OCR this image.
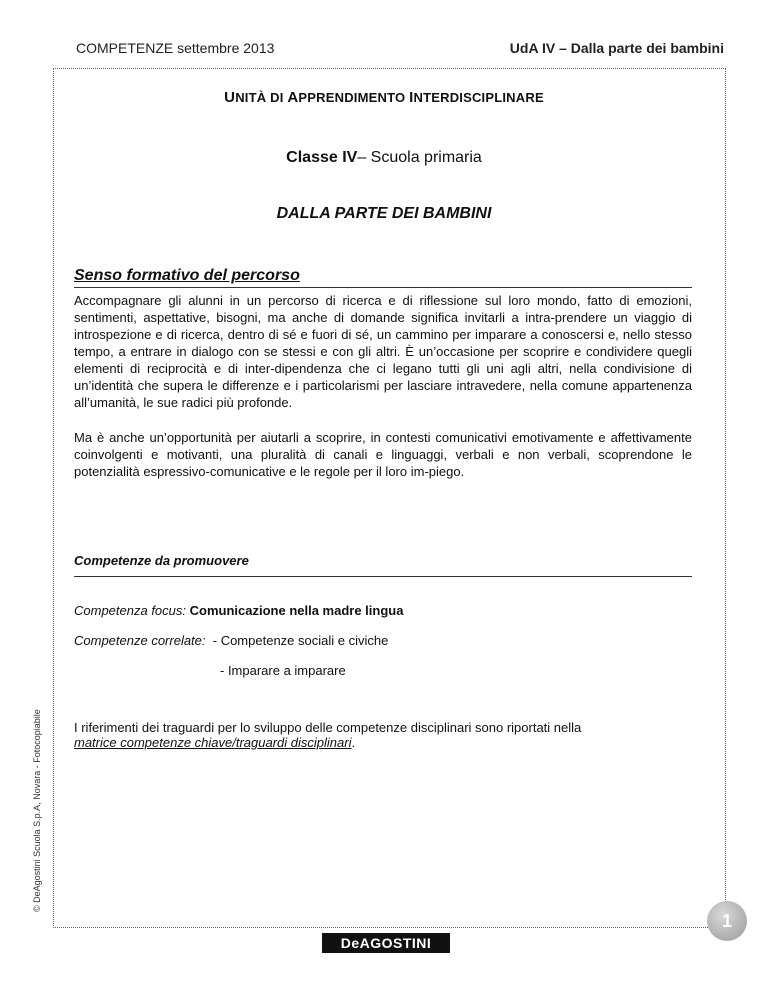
COMPETENZE settembre 2013	UdA IV – Dalla parte dei bambini
UNITÀ DI APPRENDIMENTO INTERDISCIPLINARE
Classe IV– Scuola primaria
DALLA PARTE DEI BAMBINI
Senso formativo del percorso
Accompagnare gli alunni in un percorso di ricerca e di riflessione sul loro mondo, fatto di emozioni, sentimenti, aspettative, bisogni, ma anche di domande significa invitarli a intra-prendere un viaggio di introspezione e di ricerca, dentro di sé e fuori di sé, un cammino per imparare a conoscersi e, nello stesso tempo, a entrare in dialogo con se stessi e con gli altri. È un’occasione per scoprire e condividere quegli elementi di reciprocità e di inter-dipendenza che ci legano tutti gli uni agli altri, nella condivisione di un’identità che supera le differenze e i particolarismi per lasciare intravedere, nella comune appartenenza all’umanità, le sue radici più profonde.
Ma è anche un’opportunità per aiutarli a scoprire, in contesti comunicativi emotivamente e affettivamente coinvolgenti e motivanti, una pluralità di canali e linguaggi, verbali e non verbali, scoprendone le potenzialità espressivo-comunicative e le regole per il loro im-piego.
Competenze da promuovere
Competenza focus: Comunicazione nella madre lingua
Competenze correlate: - Competenze sociali e civiche
- Imparare a imparare
I riferimenti dei traguardi per lo sviluppo delle competenze disciplinari sono riportati nella
matrice competenze chiave/traguardi disciplinari.
© DeAgostini Scuola S.p.A, Novara - Fotocopiabile
1
DeAGOSTINI
